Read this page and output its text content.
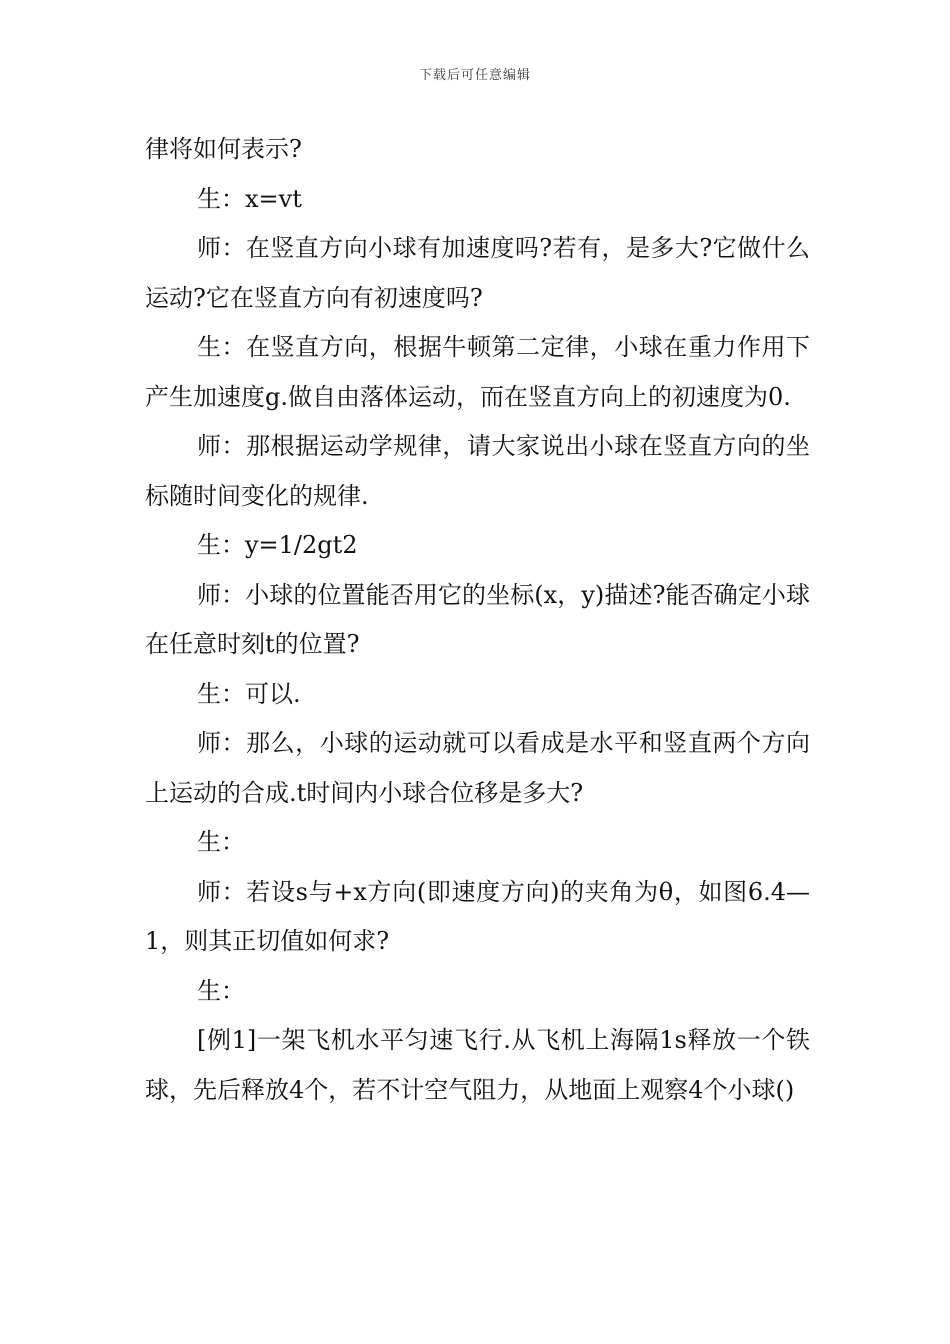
下载后可任意编辑

律将如何表示?

生：x=vt

师：在竖直方向小球有加速度吗?若有，是多大?它做什么运动?它在竖直方向有初速度吗?

生：在竖直方向，根据牛顿第二定律，小球在重力作用下产生加速度g.做自由落体运动，而在竖直方向上的初速度为0.

师：那根据运动学规律，请大家说出小球在竖直方向的坐标随时间变化的规律.

生：y=1/2gt2

师：小球的位置能否用它的坐标(x，y)描述?能否确定小球在任意时刻t的位置?

生：可以.

师：那么，小球的运动就可以看成是水平和竖直两个方向上运动的合成.t时间内小球合位移是多大?

生：

师：若设s与+x方向(即速度方向)的夹角为θ，如图6.4—1，则其正切值如何求?

生：

[例1]一架飞机水平匀速飞行.从飞机上海隔1s释放一个铁球，先后释放4个，若不计空气阻力，从地面上观察4个小球()
